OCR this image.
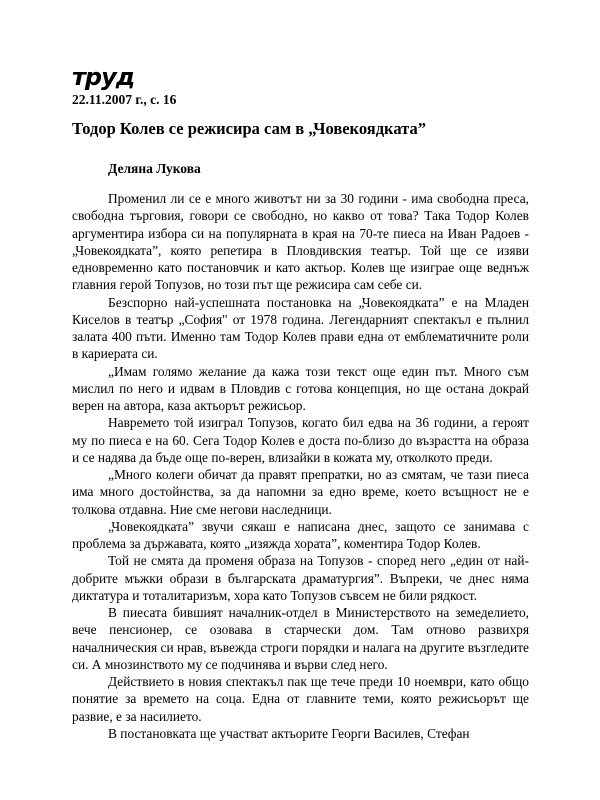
труд
22.11.2007 г., с. 16
Тодор Колев се режисира сам в „Човекоядката”
Деляна Лукова

Променил ли се е много животът ни за 30 години - има свободна преса, свободна търговия, говори се свободно, но какво от това? Така Тодор Колев аргументира избора си на популярната в края на 70-те пиеса на Иван Радоев - „Човекоядката”, която репетира в Пловдивския театър. Той ще се изяви едновременно като постановчик и като актьор. Колев ще изиграе още веднъж главния герой Топузов, но този път ще режисира сам себе си.

Безспорно най-успешната постановка на „Човекоядката” е на Младен Киселов в театър „София" от 1978 година. Легендарният спектакъл е пълнил залата 400 пъти. Именно там Тодор Колев прави една от емблематичните роли в кариерата си.

„Имам голямо желание да кажа този текст още един път. Много съм мислил по него и идвам в Пловдив с готова концепция, но ще остана докрай верен на автора, каза актьорът режисьор.

Навремето той изиграл Топузов, когато бил едва на 36 години, а героят му по пиеса е на 60. Сега Тодор Колев е доста по-близо до възрастта на образа и се надява да бъде още по-верен, влизайки в кожата му, отколкото преди.

„Много колеги обичат да правят препратки, но аз смятам, че тази пиеса има много достойнства, за да напомни за едно време, което всъщност не е толкова отдавна. Ние сме негови наследници.

„Човекоядката” звучи сякаш е написана днес, защото се занимава с проблема за държавата, която „изяжда хората”, коментира Тодор Колев.

Той не смята да променя образа на Топузов - според него „един от най-добрите мъжки образи в българската драматургия”. Въпреки, че днес няма диктатура и тоталитаризъм, хора като Топузов съвсем не били рядкост.

В пиесата бившият началник-отдел в Министерството на земеделието, вече пенсионер, се озовава в старчески дом. Там отново развихря началническия си нрав, въвежда строги порядки и налага на другите възгледите си. А мнозинството му се подчинява и върви след него.

Действието в новия спектакъл пак ще тече преди 10 ноември, като общо понятие за времето на соца. Една от главните теми, която режисьорът ще развие, е за насилието.

В постановката ще участват актьорите Георги Василев, Стефан
